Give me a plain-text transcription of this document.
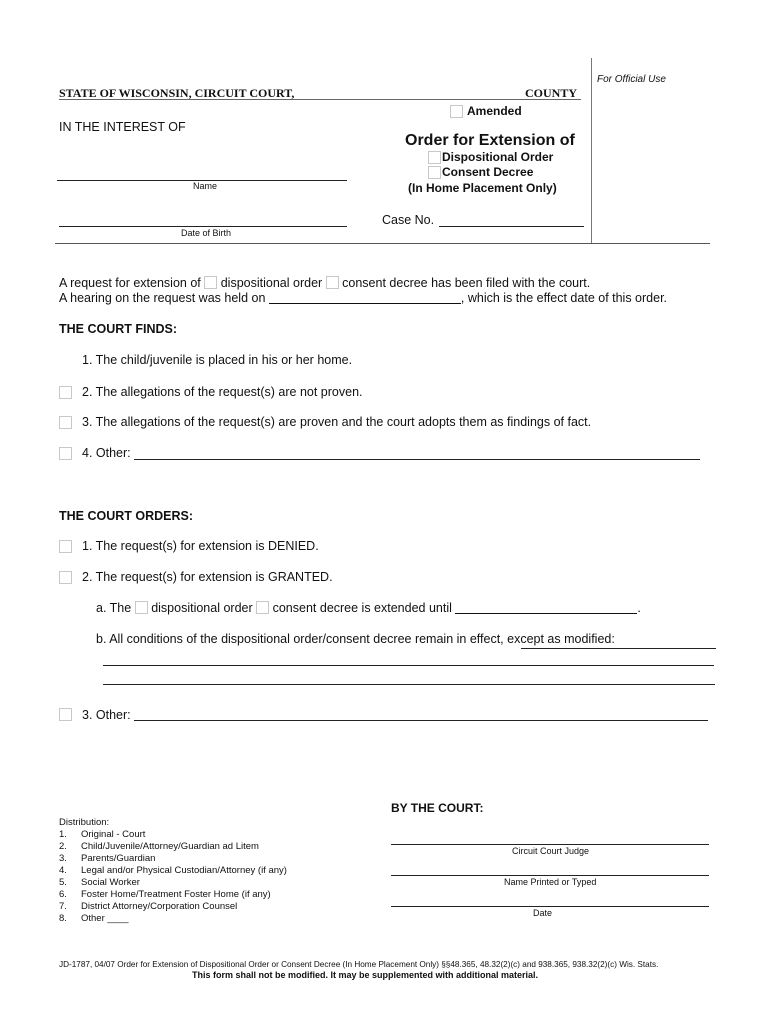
For Official Use
STATE OF WISCONSIN, CIRCUIT COURT,	COUNTY
Amended
IN THE INTEREST OF
Order for Extension of
Dispositional Order
Consent Decree
(In Home Placement Only)
Name
Date of Birth
Case No.
A request for extension of dispositional order consent decree has been filed with the court.
A hearing on the request was held on	, which is the effect date of this order.
THE COURT FINDS:
1. The child/juvenile is placed in his or her home.
2. The allegations of the request(s) are not proven.
3. The allegations of the request(s) are proven and the court adopts them as findings of fact.
4. Other:
THE COURT ORDERS:
1. The request(s) for extension is DENIED.
2. The request(s) for extension is GRANTED.
a. The dispositional order consent decree is extended until	.
b. All conditions of the dispositional order/consent decree remain in effect, except as modified:
3. Other:
BY THE COURT:
Circuit Court Judge
Name Printed or Typed
Date
Distribution:
1. Original - Court
2. Child/Juvenile/Attorney/Guardian ad Litem
3. Parents/Guardian
4. Legal and/or Physical Custodian/Attorney (if any)
5. Social Worker
6. Foster Home/Treatment Foster Home (if any)
7. District Attorney/Corporation Counsel
8. Other ____
JD-1787, 04/07 Order for Extension of Dispositional Order or Consent Decree (In Home Placement Only) §§48.365, 48.32(2)(c) and 938.365, 938.32(2)(c) Wis. Stats.
This form shall not be modified. It may be supplemented with additional material.
